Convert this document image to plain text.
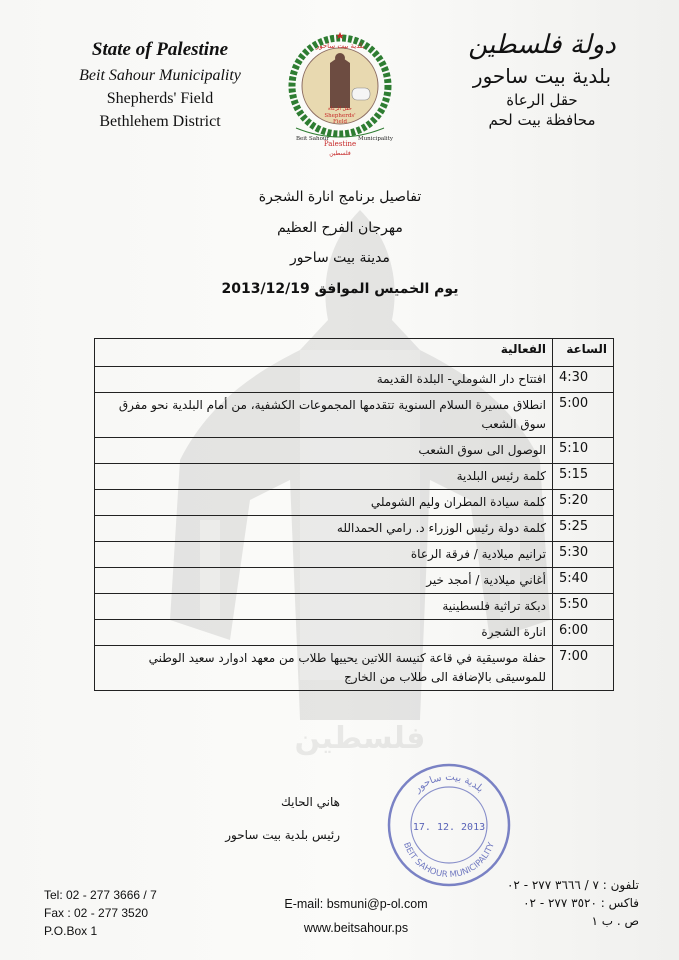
فلسطين
State of Palestine
Beit Sahour Municipality
Shepherds' Field
Bethlehem District
بلدية بيت ساحور
حقل الرعاة
Shepherds'
Field
Beit Sahour	Municipality
Palestine
فلسطين
دولة فلسطين
بلدية بيت ساحور
حقل الرعاة
محافظة بيت لحم
تفاصيل برنامج انارة الشجرة
مهرجان الفرح العظيم
مدينة بيت ساحور
يوم الخميس الموافق 2013/12/19
الساعة	الفعالية
4:30	افتتاح دار الشوملي- البلدة القديمة
5:00	انطلاق مسيرة السلام السنوية تتقدمها المجموعات الكشفية، من أمام البلدية نحو مفرق سوق الشعب
5:10	الوصول الى سوق الشعب
5:15	كلمة رئيس البلدية
5:20	كلمة سيادة المطران وليم الشوملي
5:25	كلمة دولة رئيس الوزراء د. رامي الحمدالله
5:30	ترانيم ميلادية / فرقة الرعاة
5:40	أغاني ميلادية / أمجد خير
5:50	دبكة تراثية فلسطينية
6:00	انارة الشجرة
7:00	حفلة موسيقية في قاعة كنيسة اللاتين يحييها طلاب من معهد ادوارد سعيد الوطني للموسيقى بالإضافة الى طلاب من الخارج
هاني الحايك
رئيس بلدية بيت ساحور
بلدية بيت ساحور
BEIT SAHOUR MUNICIPALITY
17. 12. 2013
Tel: 02 - 277 3666 / 7
Fax : 02 - 277 3520
P.O.Box 1
E-mail: bsmuni@p-ol.com
www.beitsahour.ps
تلفون : ٧ / ٣٦٦٦ ٢٧٧ - ٠٢
فاكس : ٣٥٢٠ ٢٧٧ - ٠٢
ص . ب ١
